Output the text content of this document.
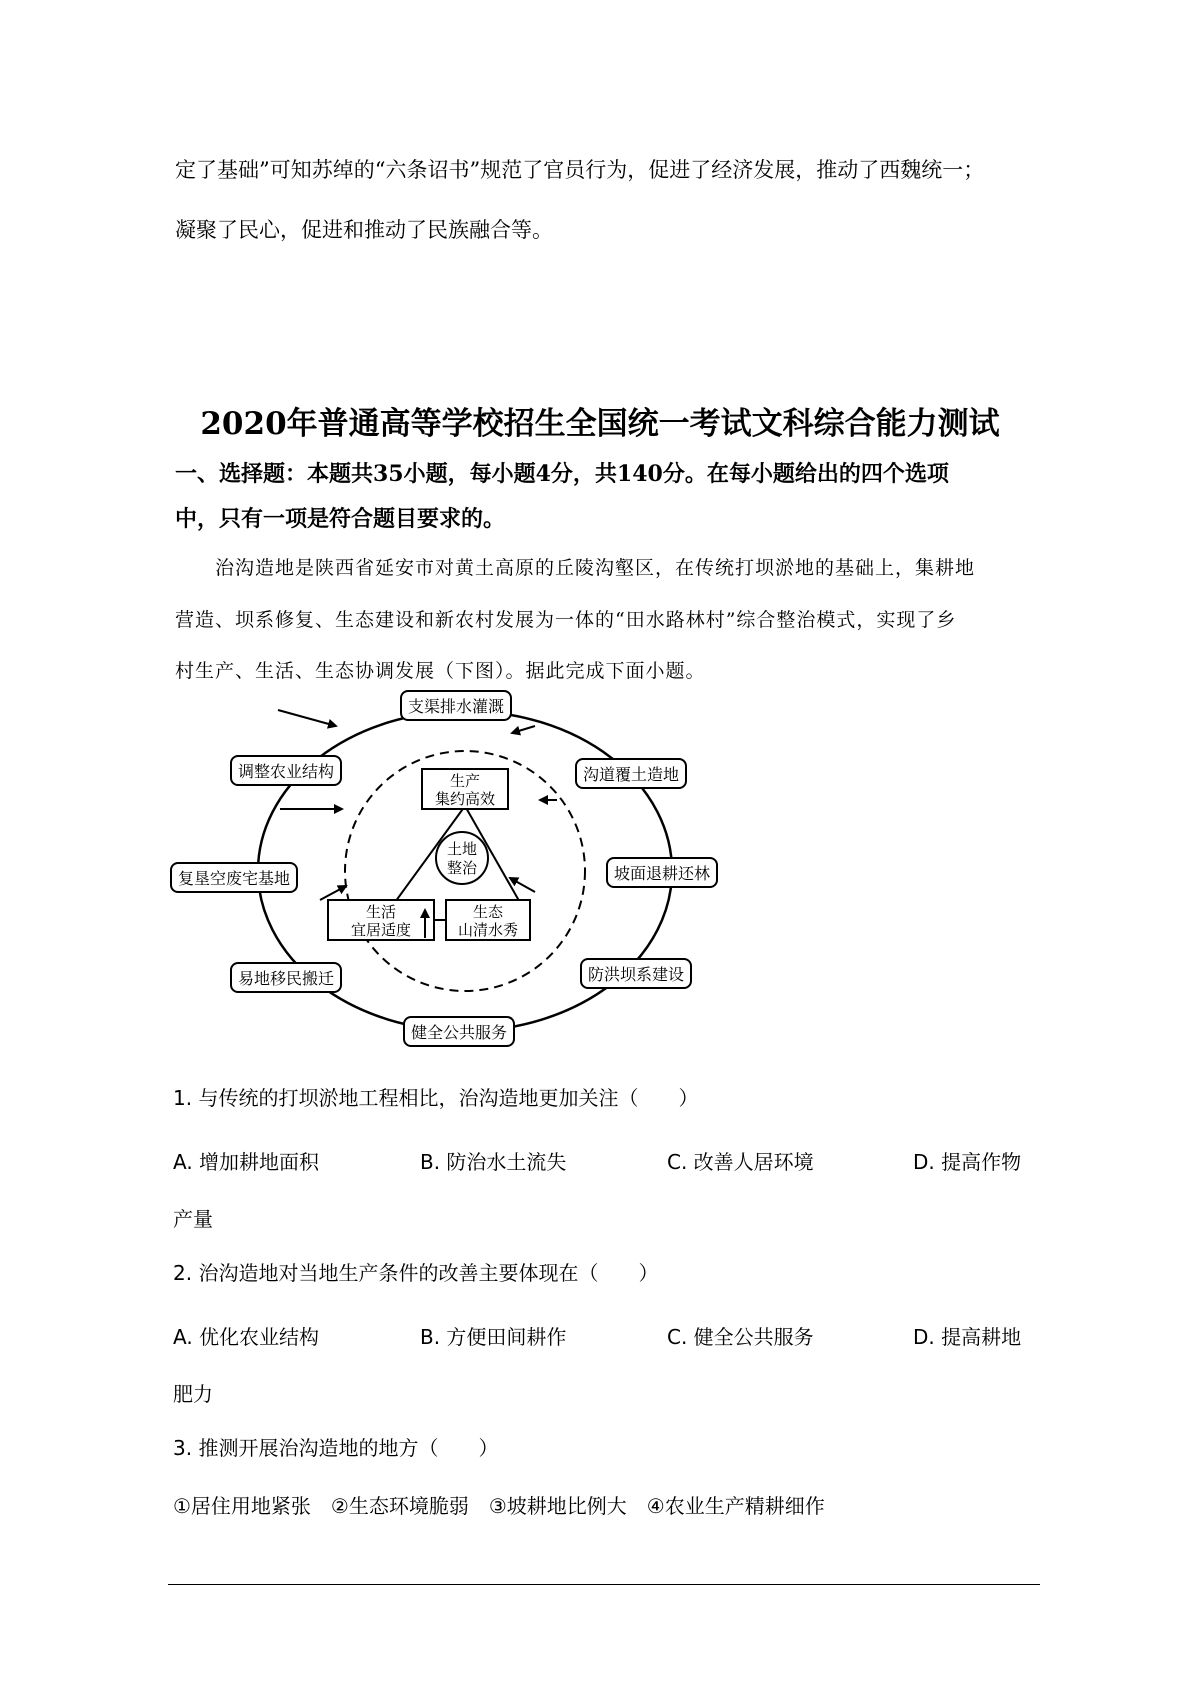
定了基础”可知苏绰的“六条诏书”规范了官员行为，促进了经济发展，推动了西魏统一；
凝聚了民心，促进和推动了民族融合等。
2020年普通高等学校招生全国统一考试文科综合能力测试
一、选择题：本题共35小题，每小题4分，共140分。在每小题给出的四个选项
中，只有一项是符合题目要求的。
治沟造地是陕西省延安市对黄土高原的丘陵沟壑区，在传统打坝淤地的基础上，集耕地
营造、坝系修复、生态建设和新农村发展为一体的“田水路林村”综合整治模式，实现了乡
村生产、生活、生态协调发展（下图）。据此完成下面小题。
土地
整治
生产
集约高效
生活
宜居适度
生态
山清水秀
支渠排水灌溉
调整农业结构	沟道覆土造地
复垦空废宅基地	坡面退耕还林
易地移民搬迁	防洪坝系建设
健全公共服务
1. 与传统的打坝淤地工程相比，治沟造地更加关注（　　）
A. 增加耕地面积	B. 防治水土流失	C. 改善人居环境	D. 提高作物
产量
2. 治沟造地对当地生产条件的改善主要体现在（　　）
A. 优化农业结构	B. 方便田间耕作	C. 健全公共服务	D. 提高耕地
肥力
3. 推测开展治沟造地的地方（　　）
①居住用地紧张　②生态环境脆弱　③坡耕地比例大　④农业生产精耕细作
